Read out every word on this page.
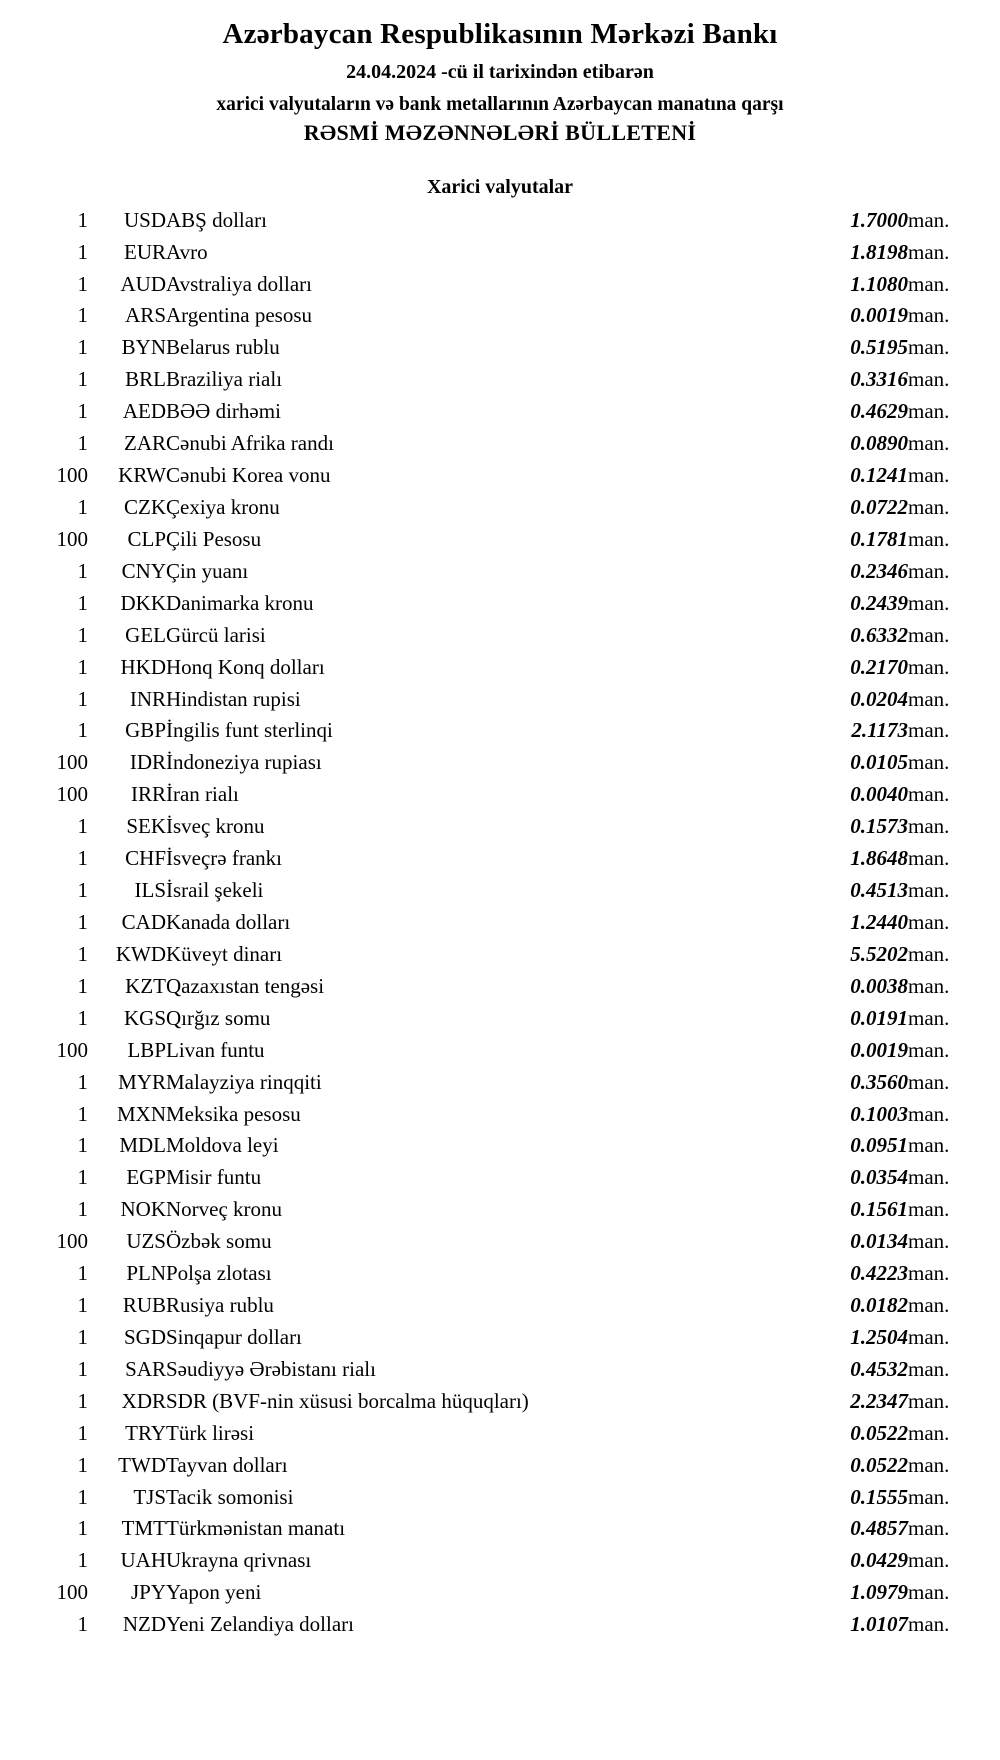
Azərbaycan Respublikasının Mərkəzi Bankı
24.04.2024 -cü il tarixindən etibarən
xarici valyutaların və bank metallarının Azərbaycan manatına qarşı
RƏSMİ MƏZƏNNƏLƏRİ BÜLLETENİ
Xarici valyutalar
1	USD	ABŞ dolları	1.7000	man.
1	EUR	Avro	1.8198	man.
1	AUD	Avstraliya dolları	1.1080	man.
1	ARS	Argentina pesosu	0.0019	man.
1	BYN	Belarus rublu	0.5195	man.
1	BRL	Braziliya rialı	0.3316	man.
1	AED	BƏƏ dirhəmi	0.4629	man.
1	ZAR	Cənubi Afrika randı	0.0890	man.
100	KRW	Cənubi Korea vonu	0.1241	man.
1	CZK	Çexiya kronu	0.0722	man.
100	CLP	Çili Pesosu	0.1781	man.
1	CNY	Çin yuanı	0.2346	man.
1	DKK	Danimarka kronu	0.2439	man.
1	GEL	Gürcü larisi	0.6332	man.
1	HKD	Honq Konq dolları	0.2170	man.
1	INR	Hindistan rupisi	0.0204	man.
1	GBP	İngilis funt sterlinqi	2.1173	man.
100	IDR	İndoneziya rupiası	0.0105	man.
100	IRR	İran rialı	0.0040	man.
1	SEK	İsveç kronu	0.1573	man.
1	CHF	İsveçrə frankı	1.8648	man.
1	ILS	İsrail şekeli	0.4513	man.
1	CAD	Kanada dolları	1.2440	man.
1	KWD	Küveyt dinarı	5.5202	man.
1	KZT	Qazaxıstan tengəsi	0.0038	man.
1	KGS	Qırğız somu	0.0191	man.
100	LBP	Livan funtu	0.0019	man.
1	MYR	Malayziya rinqqiti	0.3560	man.
1	MXN	Meksika pesosu	0.1003	man.
1	MDL	Moldova leyi	0.0951	man.
1	EGP	Misir funtu	0.0354	man.
1	NOK	Norveç kronu	0.1561	man.
100	UZS	Özbək somu	0.0134	man.
1	PLN	Polşa zlotası	0.4223	man.
1	RUB	Rusiya rublu	0.0182	man.
1	SGD	Sinqapur dolları	1.2504	man.
1	SAR	Səudiyyə Ərəbistanı rialı	0.4532	man.
1	XDR	SDR (BVF-nin xüsusi borcalma hüquqları)	2.2347	man.
1	TRY	Türk lirəsi	0.0522	man.
1	TWD	Tayvan dolları	0.0522	man.
1	TJS	Tacik somonisi	0.1555	man.
1	TMT	Türkmənistan manatı	0.4857	man.
1	UAH	Ukrayna qrivnası	0.0429	man.
100	JPY	Yapon yeni	1.0979	man.
1	NZD	Yeni Zelandiya dolları	1.0107	man.
